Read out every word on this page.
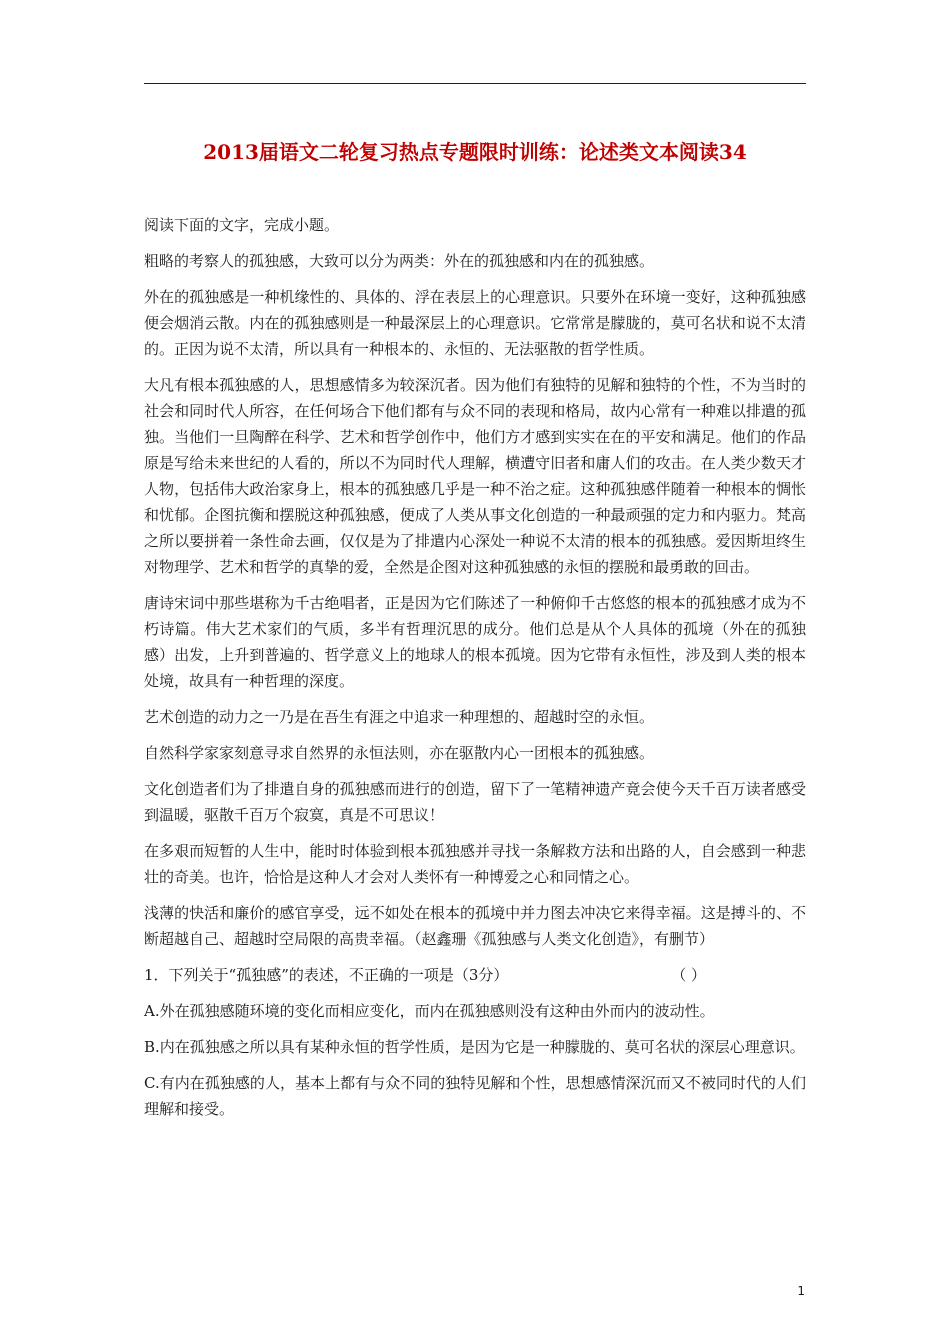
2013届语文二轮复习热点专题限时训练：论述类文本阅读34

阅读下面的文字，完成小题。

粗略的考察人的孤独感，大致可以分为两类：外在的孤独感和内在的孤独感。

外在的孤独感是一种机缘性的、具体的、浮在表层上的心理意识。只要外在环境一变好，这种孤独感便会烟消云散。内在的孤独感则是一种最深层上的心理意识。它常常是朦胧的，莫可名状和说不太清的。正因为说不太清，所以具有一种根本的、永恒的、无法驱散的哲学性质。

大凡有根本孤独感的人，思想感情多为较深沉者。因为他们有独特的见解和独特的个性，不为当时的社会和同时代人所容，在任何场合下他们都有与众不同的表现和格局，故内心常有一种难以排遣的孤独。当他们一旦陶醉在科学、艺术和哲学创作中，他们方才感到实实在在的平安和满足。他们的作品原是写给未来世纪的人看的，所以不为同时代人理解，横遭守旧者和庸人们的攻击。在人类少数天才人物，包括伟大政治家身上，根本的孤独感几乎是一种不治之症。这种孤独感伴随着一种根本的惆怅和忧郁。企图抗衡和摆脱这种孤独感，便成了人类从事文化创造的一种最顽强的定力和内驱力。梵高之所以要拼着一条性命去画，仅仅是为了排遣内心深处一种说不太清的根本的孤独感。爱因斯坦终生对物理学、艺术和哲学的真挚的爱，全然是企图对这种孤独感的永恒的摆脱和最勇敢的回击。

唐诗宋词中那些堪称为千古绝唱者，正是因为它们陈述了一种俯仰千古悠悠的根本的孤独感才成为不朽诗篇。伟大艺术家们的气质，多半有哲理沉思的成分。他们总是从个人具体的孤境（外在的孤独感）出发，上升到普遍的、哲学意义上的地球人的根本孤境。因为它带有永恒性，涉及到人类的根本处境，故具有一种哲理的深度。

艺术创造的动力之一乃是在吾生有涯之中追求一种理想的、超越时空的永恒。

自然科学家家刻意寻求自然界的永恒法则，亦在驱散内心一团根本的孤独感。

文化创造者们为了排遣自身的孤独感而进行的创造，留下了一笔精神遗产竟会使今天千百万读者感受到温暖，驱散千百万个寂寞，真是不可思议！

在多艰而短暂的人生中，能时时体验到根本孤独感并寻找一条解救方法和出路的人，自会感到一种悲壮的奇美。也许，恰恰是这种人才会对人类怀有一种博爱之心和同情之心。

浅薄的快活和廉价的感官享受，远不如处在根本的孤境中并力图去冲决它来得幸福。这是搏斗的、不断超越自己、超越时空局限的高贵幸福。（赵鑫珊《孤独感与人类文化创造》，有删节）

1．下列关于“孤独感”的表述，不正确的一项是（3分）	（ ）

A.外在孤独感随环境的变化而相应变化，而内在孤独感则没有这种由外而内的波动性。

B.内在孤独感之所以具有某种永恒的哲学性质，是因为它是一种朦胧的、莫可名状的深层心理意识。

C.有内在孤独感的人，基本上都有与众不同的独特见解和个性，思想感情深沉而又不被同时代的人们理解和接受。

1
